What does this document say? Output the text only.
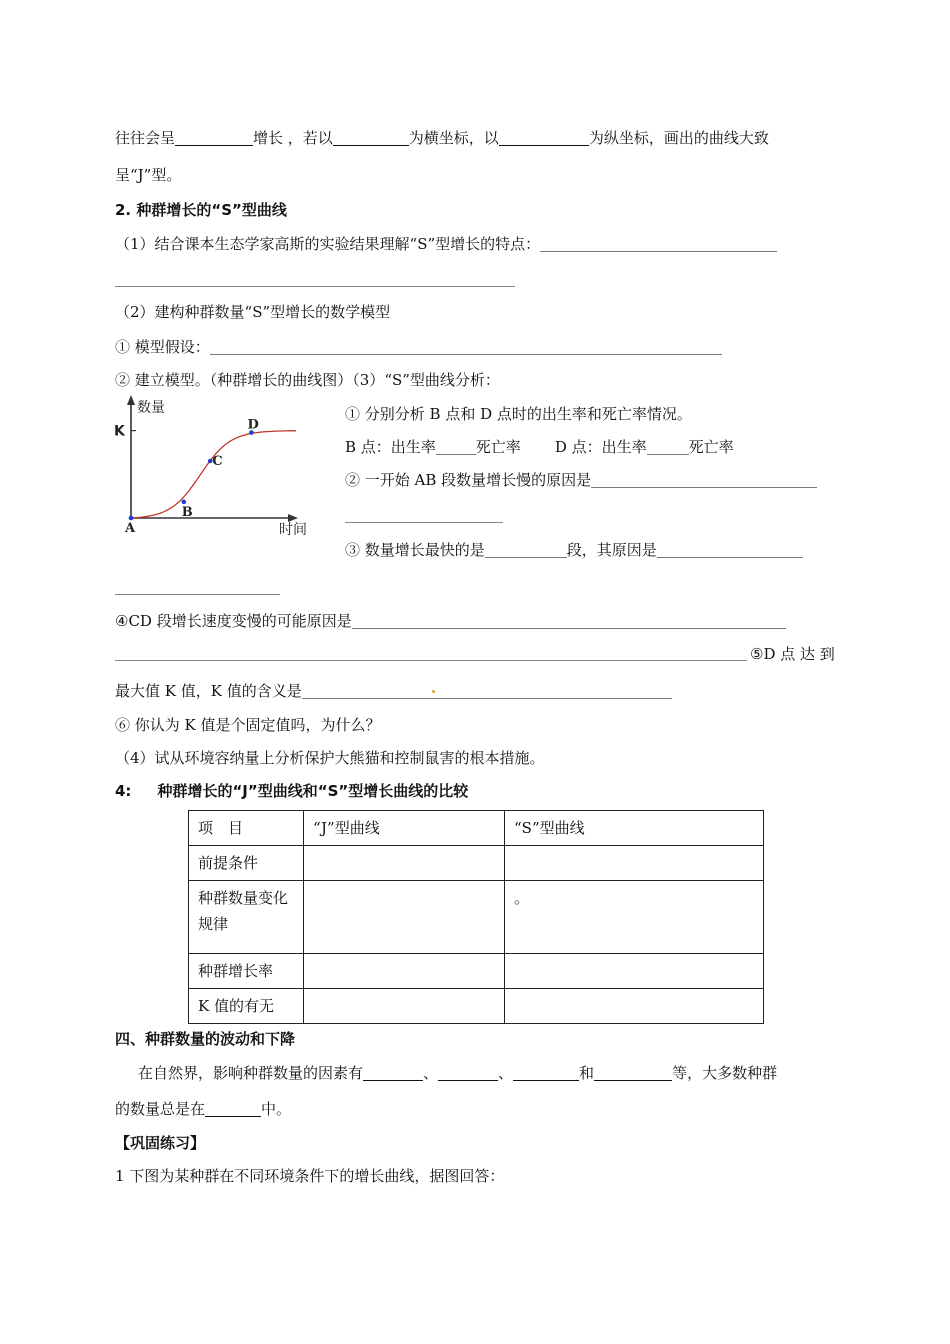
往往会呈	增长 ，若以	为横坐标，以	为纵坐标，画出的曲线大致
呈“J”型。
2. 种群增长的“S”型曲线
（1）结合课本生态学家高斯的实验结果理解“S”型增长的特点：
（2）建构种群数量“S”型增长的数学模型
① 模型假设：
② 建立模型。（种群增长的曲线图）（3）“S”型曲线分析：
数量
时间
K
A
B
C
D
① 分别分析 B 点和 D 点时的出生率和死亡率情况。
B 点：出生率	死亡率 D 点：出生率	死亡率
② 一开始 AB 段数量增长慢的原因是
③ 数量增长最快的是	段，其原因是
④CD 段增长速度变慢的可能原因是
⑤D 点 达 到
最大值 K 值，K 值的含义是
⑥ 你认为 K 值是个固定值吗，为什么？
（4）试从环境容纳量上分析保护大熊猫和控制鼠害的根本措施。
4: 种群增长的“J”型曲线和“S”型增长曲线的比较
项　目	“J”型曲线	“S”型曲线
前提条件		
种群数量变化规律		。
种群增长率		
K 值的有无		
四、种群数量的波动和下降
在自然界，影响种群数量的因素有	、	、	和	等，大多数种群
的数量总是在	中。
【巩固练习】
1 下图为某种群在不同环境条件下的增长曲线，据图回答：
